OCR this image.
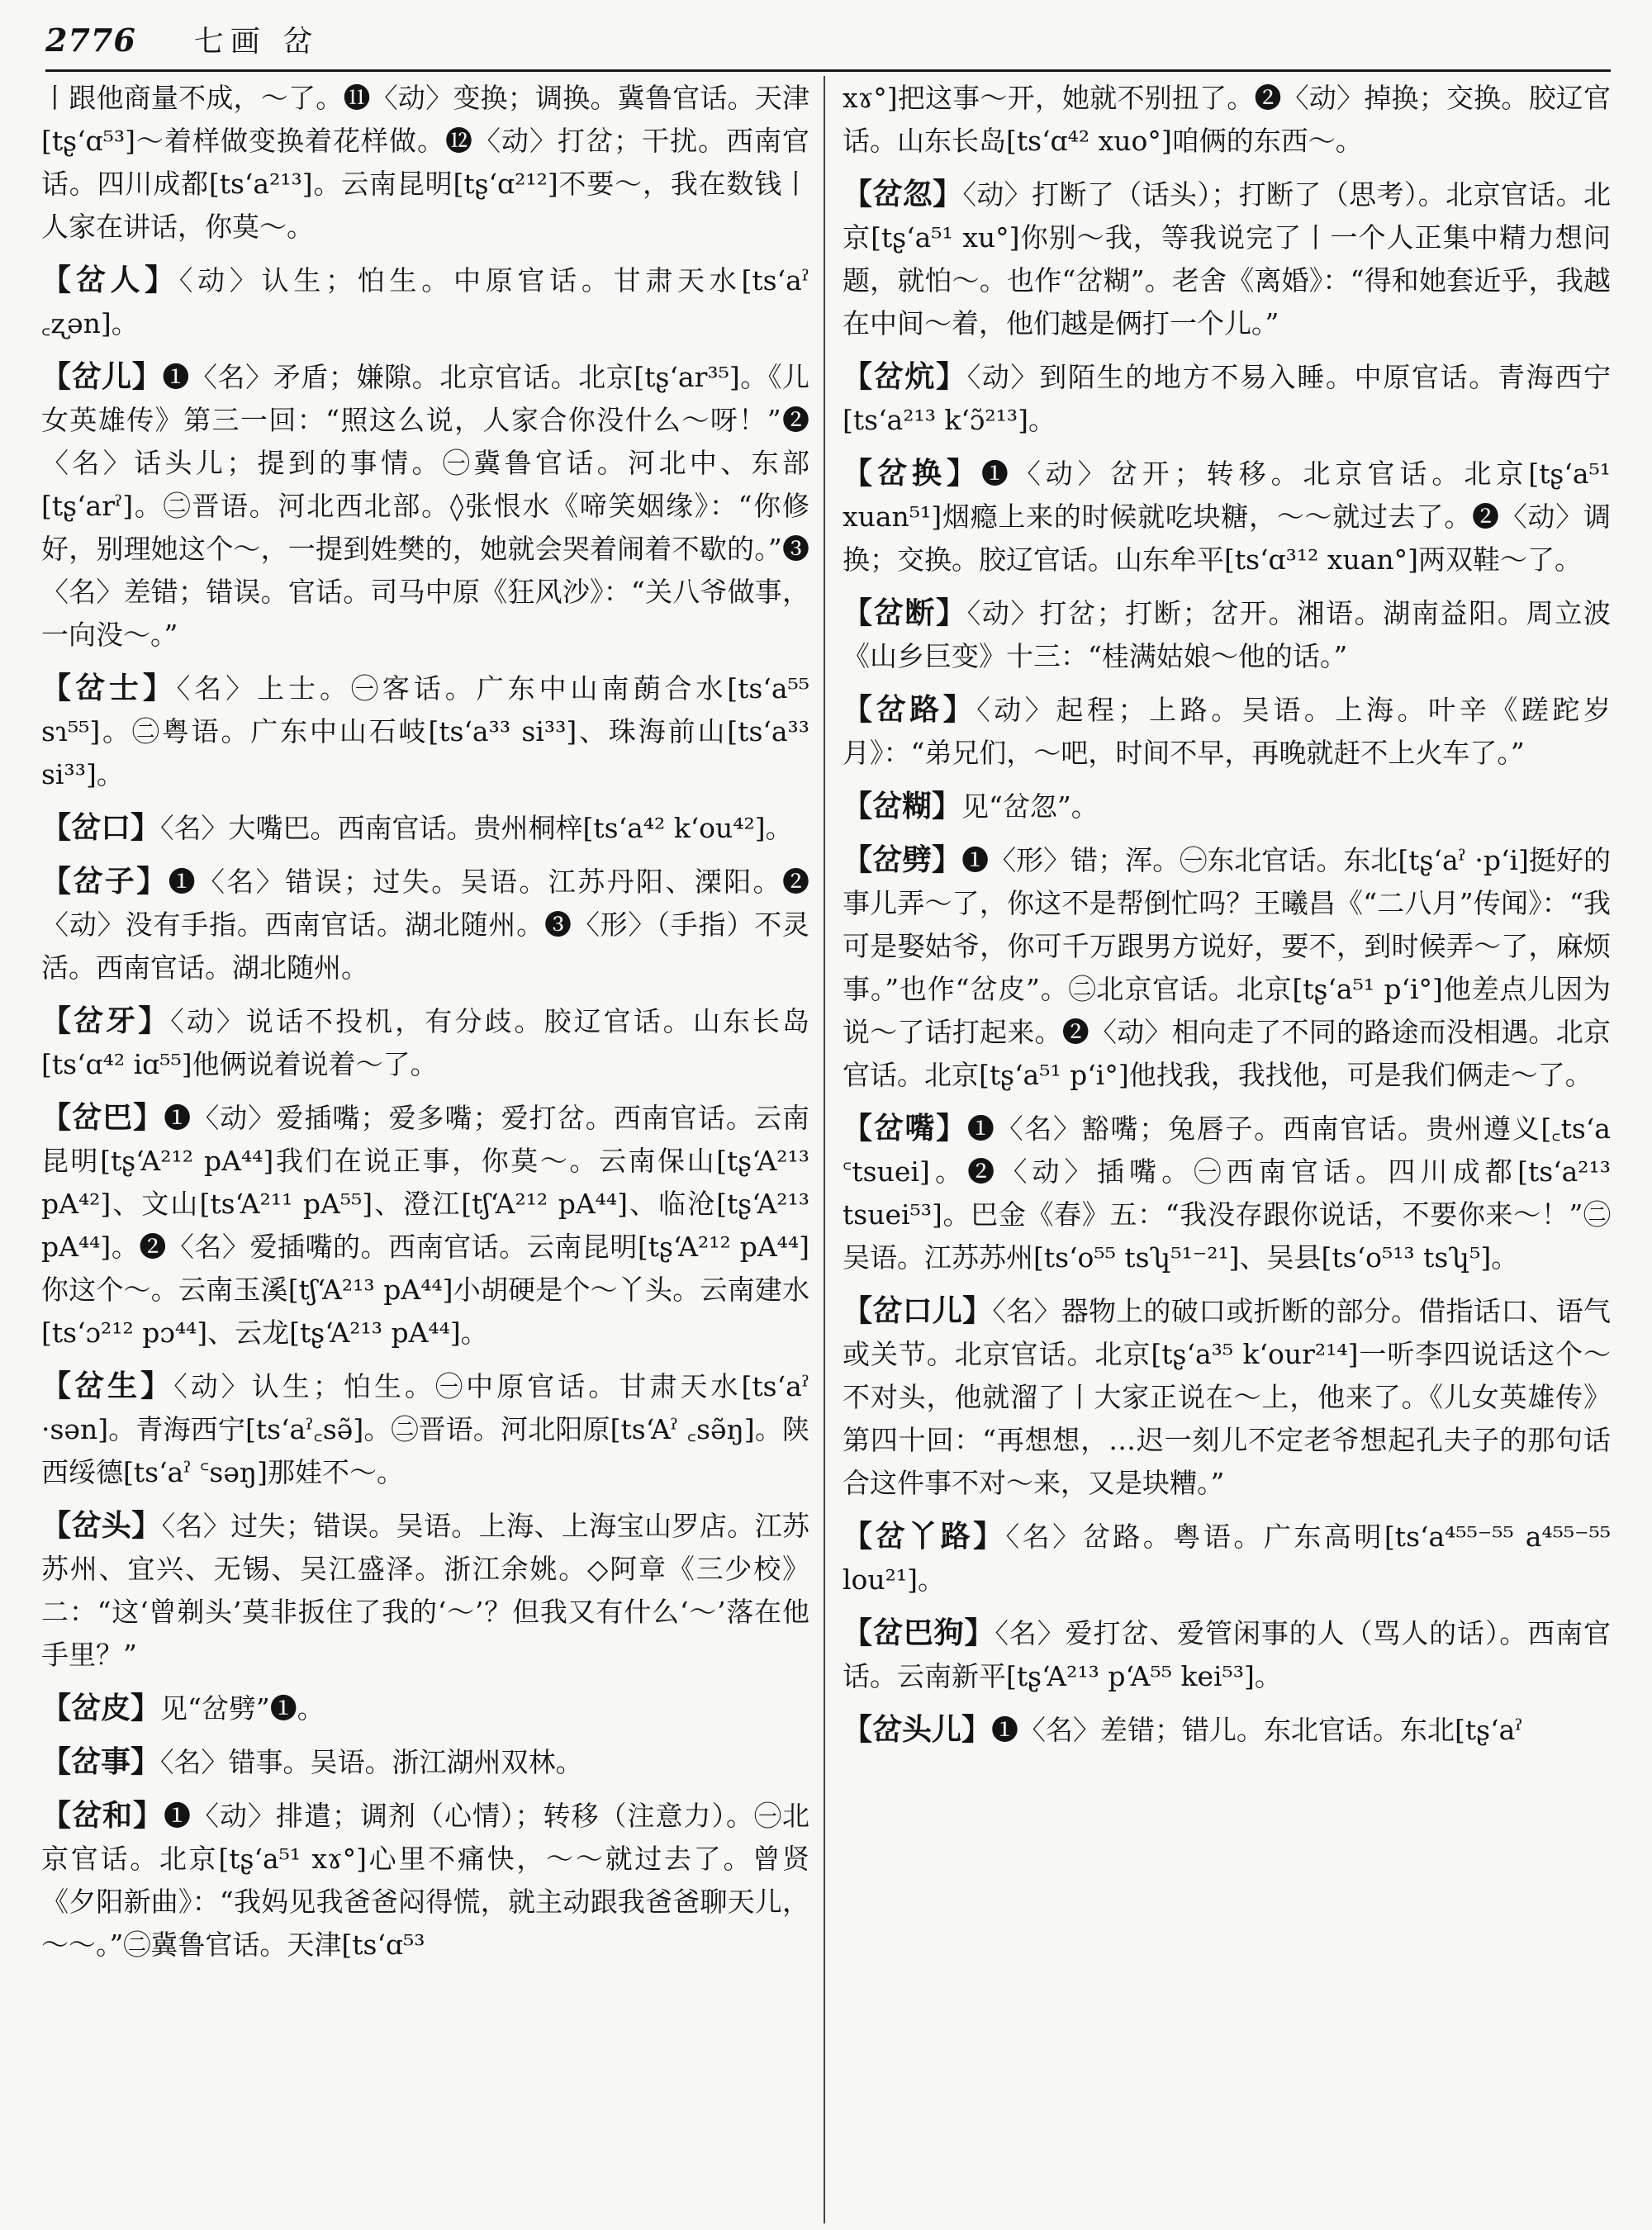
2776 七画 岔

丨跟他商量不成，～了。⓫〈动〉变换；调换。冀鲁官话。天津[tʂʻɑ⁵³]～着样做变换着花样做。⓬〈动〉打岔；干扰。西南官话。四川成都[tsʻa²¹³]。云南昆明[tʂʻɑ²¹²]不要～，我在数钱丨人家在讲话，你莫～。

【岔人】〈动〉认生；怕生。中原官话。甘肃天水[tsʻaˀ ꜀ʐən]。

【岔儿】❶〈名〉矛盾；嫌隙。北京官话。北京[tʂʻar³⁵]。《儿女英雄传》第三一回：“照这么说，人家合你没什么～呀！”❷〈名〉话头儿；提到的事情。㊀冀鲁官话。河北中、东部[tʂʻarˀ]。㊁晋语。河北西北部。◊张恨水《啼笑姻缘》：“你修好，别理她这个～，一提到姓樊的，她就会哭着闹着不歇的。”❸〈名〉差错；错误。官话。司马中原《狂风沙》：“关八爷做事，一向没～。”

【岔士】〈名〉上士。㊀客话。广东中山南蓢合水[tsʻa⁵⁵ sɿ⁵⁵]。㊁粤语。广东中山石岐[tsʻa³³ si³³]、珠海前山[tsʻa³³ si³³]。

【岔口】〈名〉大嘴巴。西南官话。贵州桐梓[tsʻa⁴² kʻou⁴²]。

【岔子】❶〈名〉错误；过失。吴语。江苏丹阳、溧阳。❷〈动〉没有手指。西南官话。湖北随州。❸〈形〉（手指）不灵活。西南官话。湖北随州。

【岔牙】〈动〉说话不投机，有分歧。胶辽官话。山东长岛[tsʻɑ⁴² iɑ⁵⁵]他俩说着说着～了。

【岔巴】❶〈动〉爱插嘴；爱多嘴；爱打岔。西南官话。云南昆明[tʂʻA²¹² pA⁴⁴]我们在说正事，你莫～。云南保山[tʂʻA²¹³ pA⁴²]、文山[tsʻA²¹¹ pA⁵⁵]、澄江[tʃʻA²¹² pA⁴⁴]、临沧[tʂʻA²¹³ pA⁴⁴]。❷〈名〉爱插嘴的。西南官话。云南昆明[tʂʻA²¹² pA⁴⁴]你这个～。云南玉溪[tʃʻA²¹³ pA⁴⁴]小胡硬是个～丫头。云南建水[tsʻɔ²¹² pɔ⁴⁴]、云龙[tʂʻA²¹³ pA⁴⁴]。

【岔生】〈动〉认生；怕生。㊀中原官话。甘肃天水[tsʻaˀ ·sən]。青海西宁[tsʻaˀ꜀sə̃]。㊁晋语。河北阳原[tsʻAˀ ꜀sə̃ŋ]。陕西绥德[tsʻaˀ ꜂səŋ]那娃不～。

【岔头】〈名〉过失；错误。吴语。上海、上海宝山罗店。江苏苏州、宜兴、无锡、吴江盛泽。浙江余姚。◇阿章《三少校》二：“这‘曾剃头’莫非扳住了我的‘～’？但我又有什么‘～’落在他手里？”

【岔皮】见“岔劈”❶。

【岔事】〈名〉错事。吴语。浙江湖州双林。

【岔和】❶〈动〉排遣；调剂（心情）；转移（注意力）。㊀北京官话。北京[tʂʻa⁵¹ xɤ°]心里不痛快，～～就过去了。曾贤《夕阳新曲》：“我妈见我爸爸闷得慌，就主动跟我爸爸聊天儿，～～。”㊁冀鲁官话。天津[tsʻɑ⁵³

xɤ°]把这事～开，她就不别扭了。❷〈动〉掉换；交换。胶辽官话。山东长岛[tsʻɑ⁴² xuo°]咱俩的东西～。

【岔忽】〈动〉打断了（话头）；打断了（思考）。北京官话。北京[tʂʻa⁵¹ xu°]你别～我，等我说完了丨一个人正集中精力想问题，就怕～。也作“岔糊”。老舍《离婚》：“得和她套近乎，我越在中间～着，他们越是俩打一个儿。”

【岔炕】〈动〉到陌生的地方不易入睡。中原官话。青海西宁[tsʻa²¹³ kʻɔ̃²¹³]。

【岔换】❶〈动〉岔开；转移。北京官话。北京[tʂʻa⁵¹ xuan⁵¹]烟瘾上来的时候就吃块糖，～～就过去了。❷〈动〉调换；交换。胶辽官话。山东牟平[tsʻɑ³¹² xuan°]两双鞋～了。

【岔断】〈动〉打岔；打断；岔开。湘语。湖南益阳。周立波《山乡巨变》十三：“桂满姑娘～他的话。”

【岔路】〈动〉起程；上路。吴语。上海。叶辛《蹉跎岁月》：“弟兄们，～吧，时间不早，再晚就赶不上火车了。”

【岔糊】见“岔忽”。

【岔劈】❶〈形〉错；浑。㊀东北官话。东北[tʂʻaˀ ·pʻi]挺好的事儿弄～了，你这不是帮倒忙吗？王曦昌《“二八月”传闻》：“我可是娶姑爷，你可千万跟男方说好，要不，到时候弄～了，麻烦事。”也作“岔皮”。㊁北京官话。北京[tʂʻa⁵¹ pʻi°]他差点儿因为说～了话打起来。❷〈动〉相向走了不同的路途而没相遇。北京官话。北京[tʂʻa⁵¹ pʻi°]他找我，我找他，可是我们俩走～了。

【岔嘴】❶〈名〉豁嘴；兔唇子。西南官话。贵州遵义[꜀tsʻa ꜂tsuei]。❷〈动〉插嘴。㊀西南官话。四川成都[tsʻa²¹³ tsuei⁵³]。巴金《春》五：“我没存跟你说话，不要你来～！”㊁吴语。江苏苏州[tsʻo⁵⁵ tsʮ⁵¹⁻²¹]、吴县[tsʻo⁵¹³ tsʮ⁵]。

【岔口儿】〈名〉器物上的破口或折断的部分。借指话口、语气或关节。北京官话。北京[tʂʻa³⁵ kʻour²¹⁴]一听李四说话这个～不对头，他就溜了丨大家正说在～上，他来了。《儿女英雄传》第四十回：“再想想，…迟一刻儿不定老爷想起孔夫子的那句话合这件事不对～来，又是块糟。”

【岔丫路】〈名〉岔路。粤语。广东高明[tsʻa⁴⁵⁵⁻⁵⁵ a⁴⁵⁵⁻⁵⁵ lou²¹]。

【岔巴狗】〈名〉爱打岔、爱管闲事的人（骂人的话）。西南官话。云南新平[tʂʻA²¹³ pʻA⁵⁵ kei⁵³]。

【岔头儿】❶〈名〉差错；错儿。东北官话。东北[tʂʻaˀ
